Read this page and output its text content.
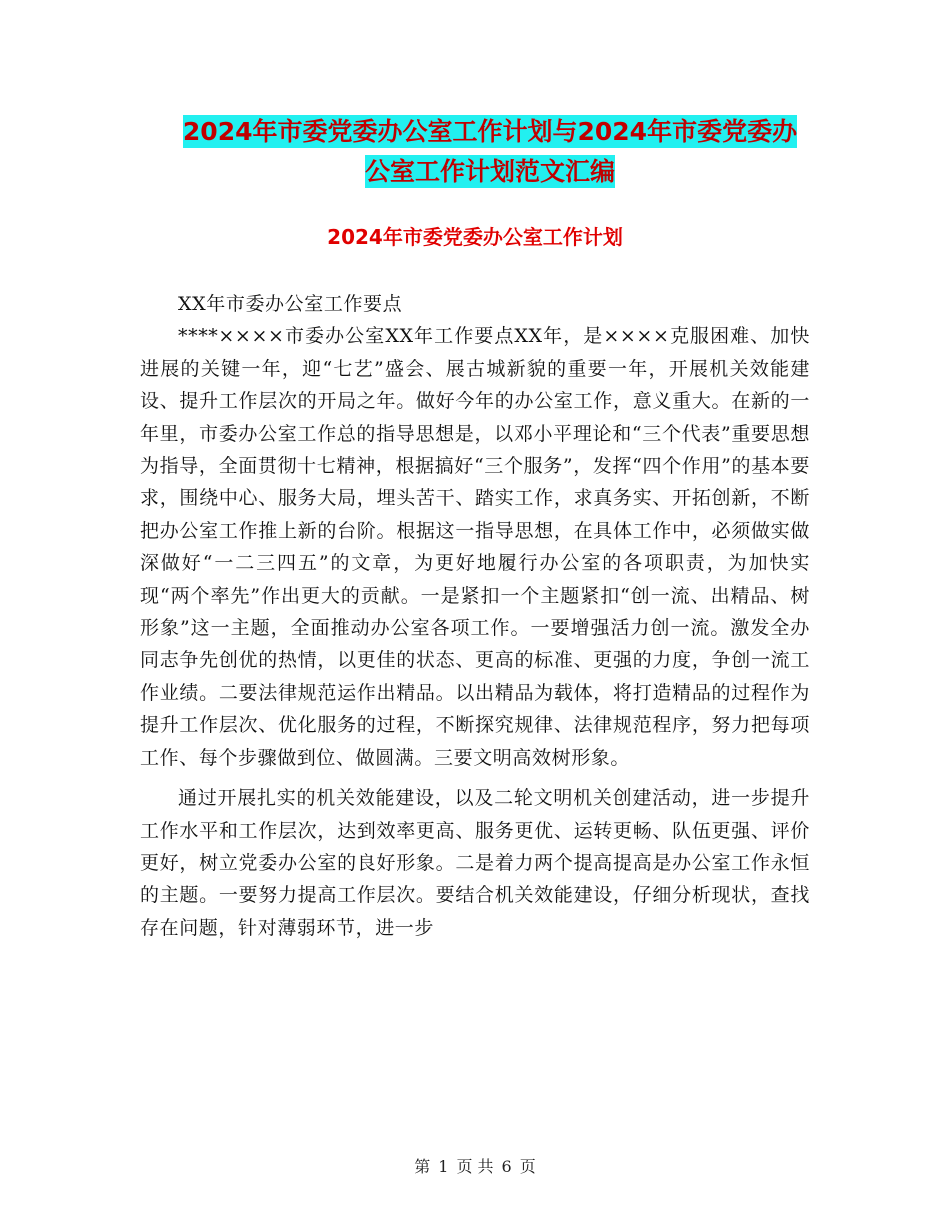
2024年市委党委办公室工作计划与2024年市委党委办
公室工作计划范文汇编
2024年市委党委办公室工作计划

XX年市委办公室工作要点

****××××市委办公室XX年工作要点XX年，是××××克服困难、加快进展的关键一年，迎“七艺”盛会、展古城新貌的重要一年，开展机关效能建设、提升工作层次的开局之年。做好今年的办公室工作，意义重大。在新的一年里，市委办公室工作总的指导思想是，以邓小平理论和“三个代表”重要思想为指导，全面贯彻十七精神，根据搞好“三个服务”，发挥“四个作用”的基本要求，围绕中心、服务大局，埋头苦干、踏实工作，求真务实、开拓创新，不断把办公室工作推上新的台阶。根据这一指导思想，在具体工作中，必须做实做深做好“一二三四五”的文章，为更好地履行办公室的各项职责，为加快实现“两个率先”作出更大的贡献。一是紧扣一个主题紧扣“创一流、出精品、树形象”这一主题，全面推动办公室各项工作。一要增强活力创一流。激发全办同志争先创优的热情，以更佳的状态、更高的标准、更强的力度，争创一流工作业绩。二要法律规范运作出精品。以出精品为载体，将打造精品的过程作为提升工作层次、优化服务的过程，不断探究规律、法律规范程序，努力把每项工作、每个步骤做到位、做圆满。三要文明高效树形象。

通过开展扎实的机关效能建设，以及二轮文明机关创建活动，进一步提升工作水平和工作层次，达到效率更高、服务更优、运转更畅、队伍更强、评价更好，树立党委办公室的良好形象。二是着力两个提高提高是办公室工作永恒的主题。一要努力提高工作层次。要结合机关效能建设，仔细分析现状，查找存在问题，针对薄弱环节，进一步

第 1 页 共 6 页
